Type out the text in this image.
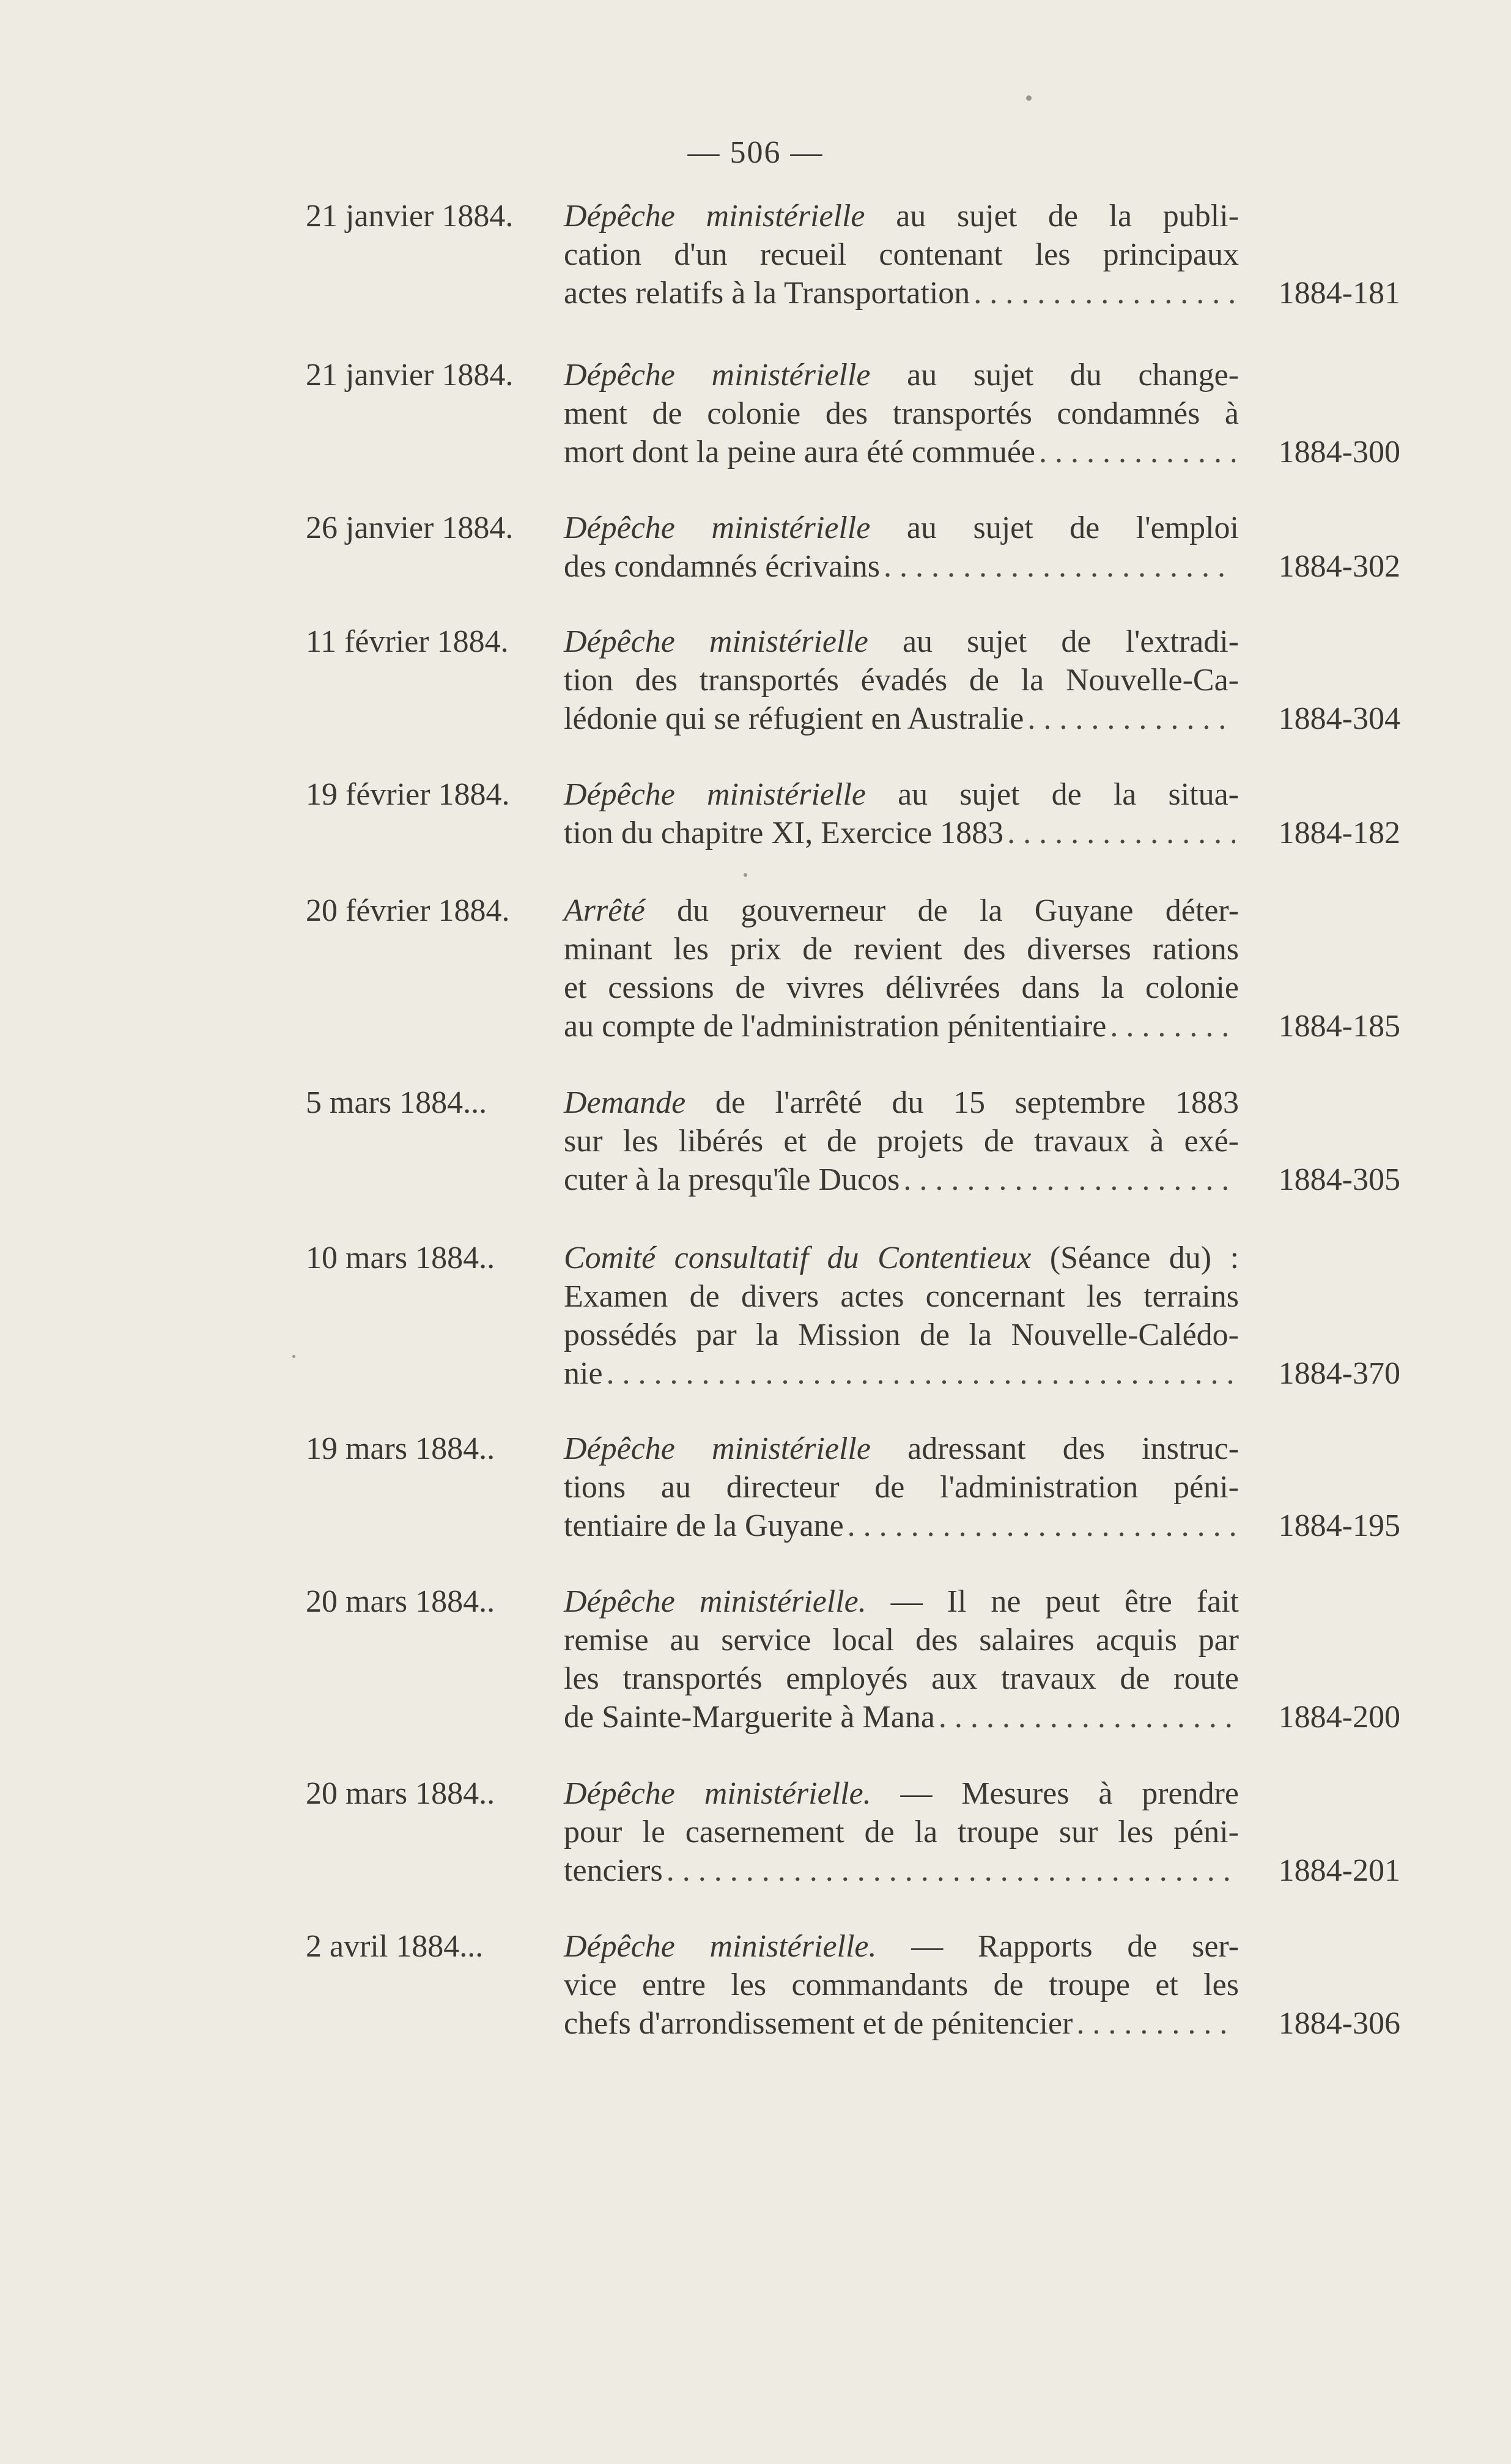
— 506 —
21 janvier 1884.	Dépêche ministérielle au sujet de la publi-
cation d'un recueil contenant les principaux
actes relatifs à la Transportation . . .	1884-181
21 janvier 1884.	Dépêche ministérielle au sujet du change-
ment de colonie des transportés condamnés à
mort dont la peine aura été commuée . . .	1884-300
26 janvier 1884.	Dépêche ministérielle au sujet de l'emploi
des condamnés écrivains . . .	1884-302
11 février 1884.	Dépêche ministérielle au sujet de l'extradi-
tion des transportés évadés de la Nouvelle-Ca-
lédonie qui se réfugient en Australie . . .	1884-304
19 février 1884.	Dépêche ministérielle au sujet de la situa-
tion du chapitre XI, Exercice 1883 . . .	1884-182
20 février 1884.	Arrêté du gouverneur de la Guyane déter-
minant les prix de revient des diverses rations
et cessions de vivres délivrées dans la colonie
au compte de l'administration pénitentiaire . . .	1884-185
5 mars 1884...	Demande de l'arrêté du 15 septembre 1883
sur les libérés et de projets de travaux à exé-
cuter à la presqu'île Ducos . . .	1884-305
10 mars 1884..	Comité consultatif du Contentieux (Séance du) :
Examen de divers actes concernant les terrains
possédés par la Mission de la Nouvelle-Calédo-
nie . . .	1884-370
19 mars 1884..	Dépêche ministérielle adressant des instruc-
tions au directeur de l'administration péni-
tentiaire de la Guyane . . .	1884-195
20 mars 1884..	Dépêche ministérielle. — Il ne peut être fait
remise au service local des salaires acquis par
les transportés employés aux travaux de route
de Sainte-Marguerite à Mana . . .	1884-200
20 mars 1884..	Dépêche ministérielle. — Mesures à prendre
pour le casernement de la troupe sur les péni-
tenciers . . .	1884-201
2 avril 1884...	Dépêche ministérielle. — Rapports de ser-
vice entre les commandants de troupe et les
chefs d'arrondissement et de pénitencier . . .	1884-306
